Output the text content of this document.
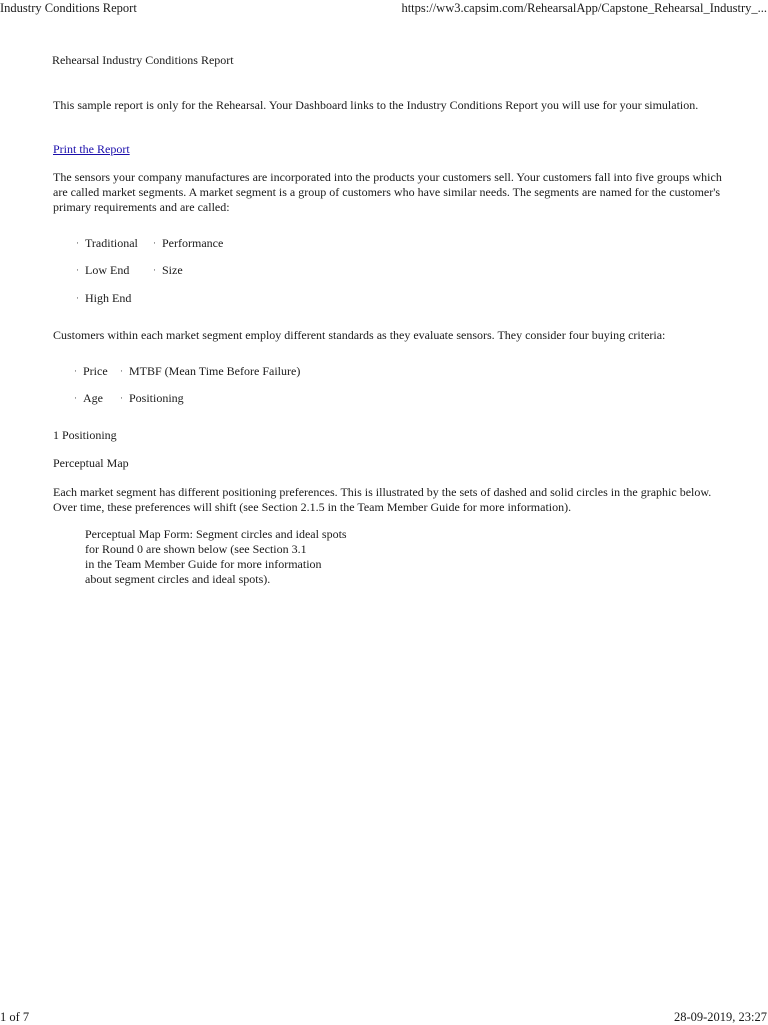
Industry Conditions Report	https://ww3.capsim.com/RehearsalApp/Capstone_Rehearsal_Industry_...
Rehearsal Industry Conditions Report
This sample report is only for the Rehearsal. Your Dashboard links to the Industry Conditions Report you will use for your simulation.
Print the Report
The sensors your company manufactures are incorporated into the products your customers sell. Your customers fall into five groups which are called market segments. A market segment is a group of customers who have similar needs. The segments are named for the customer's primary requirements and are called:
· Traditional · Performance
· Low End	· Size
· High End
Customers within each market segment employ different standards as they evaluate sensors. They consider four buying criteria:
· Price · MTBF (Mean Time Before Failure)
· Age · Positioning
1 Positioning
Perceptual Map
Each market segment has different positioning preferences. This is illustrated by the sets of dashed and solid circles in the graphic below. Over time, these preferences will shift (see Section 2.1.5 in the Team Member Guide for more information).
Perceptual Map Form: Segment circles and ideal spots
for Round 0 are shown below (see Section 3.1
in the Team Member Guide for more information
about segment circles and ideal spots).
1 of 7	28-09-2019, 23:27
